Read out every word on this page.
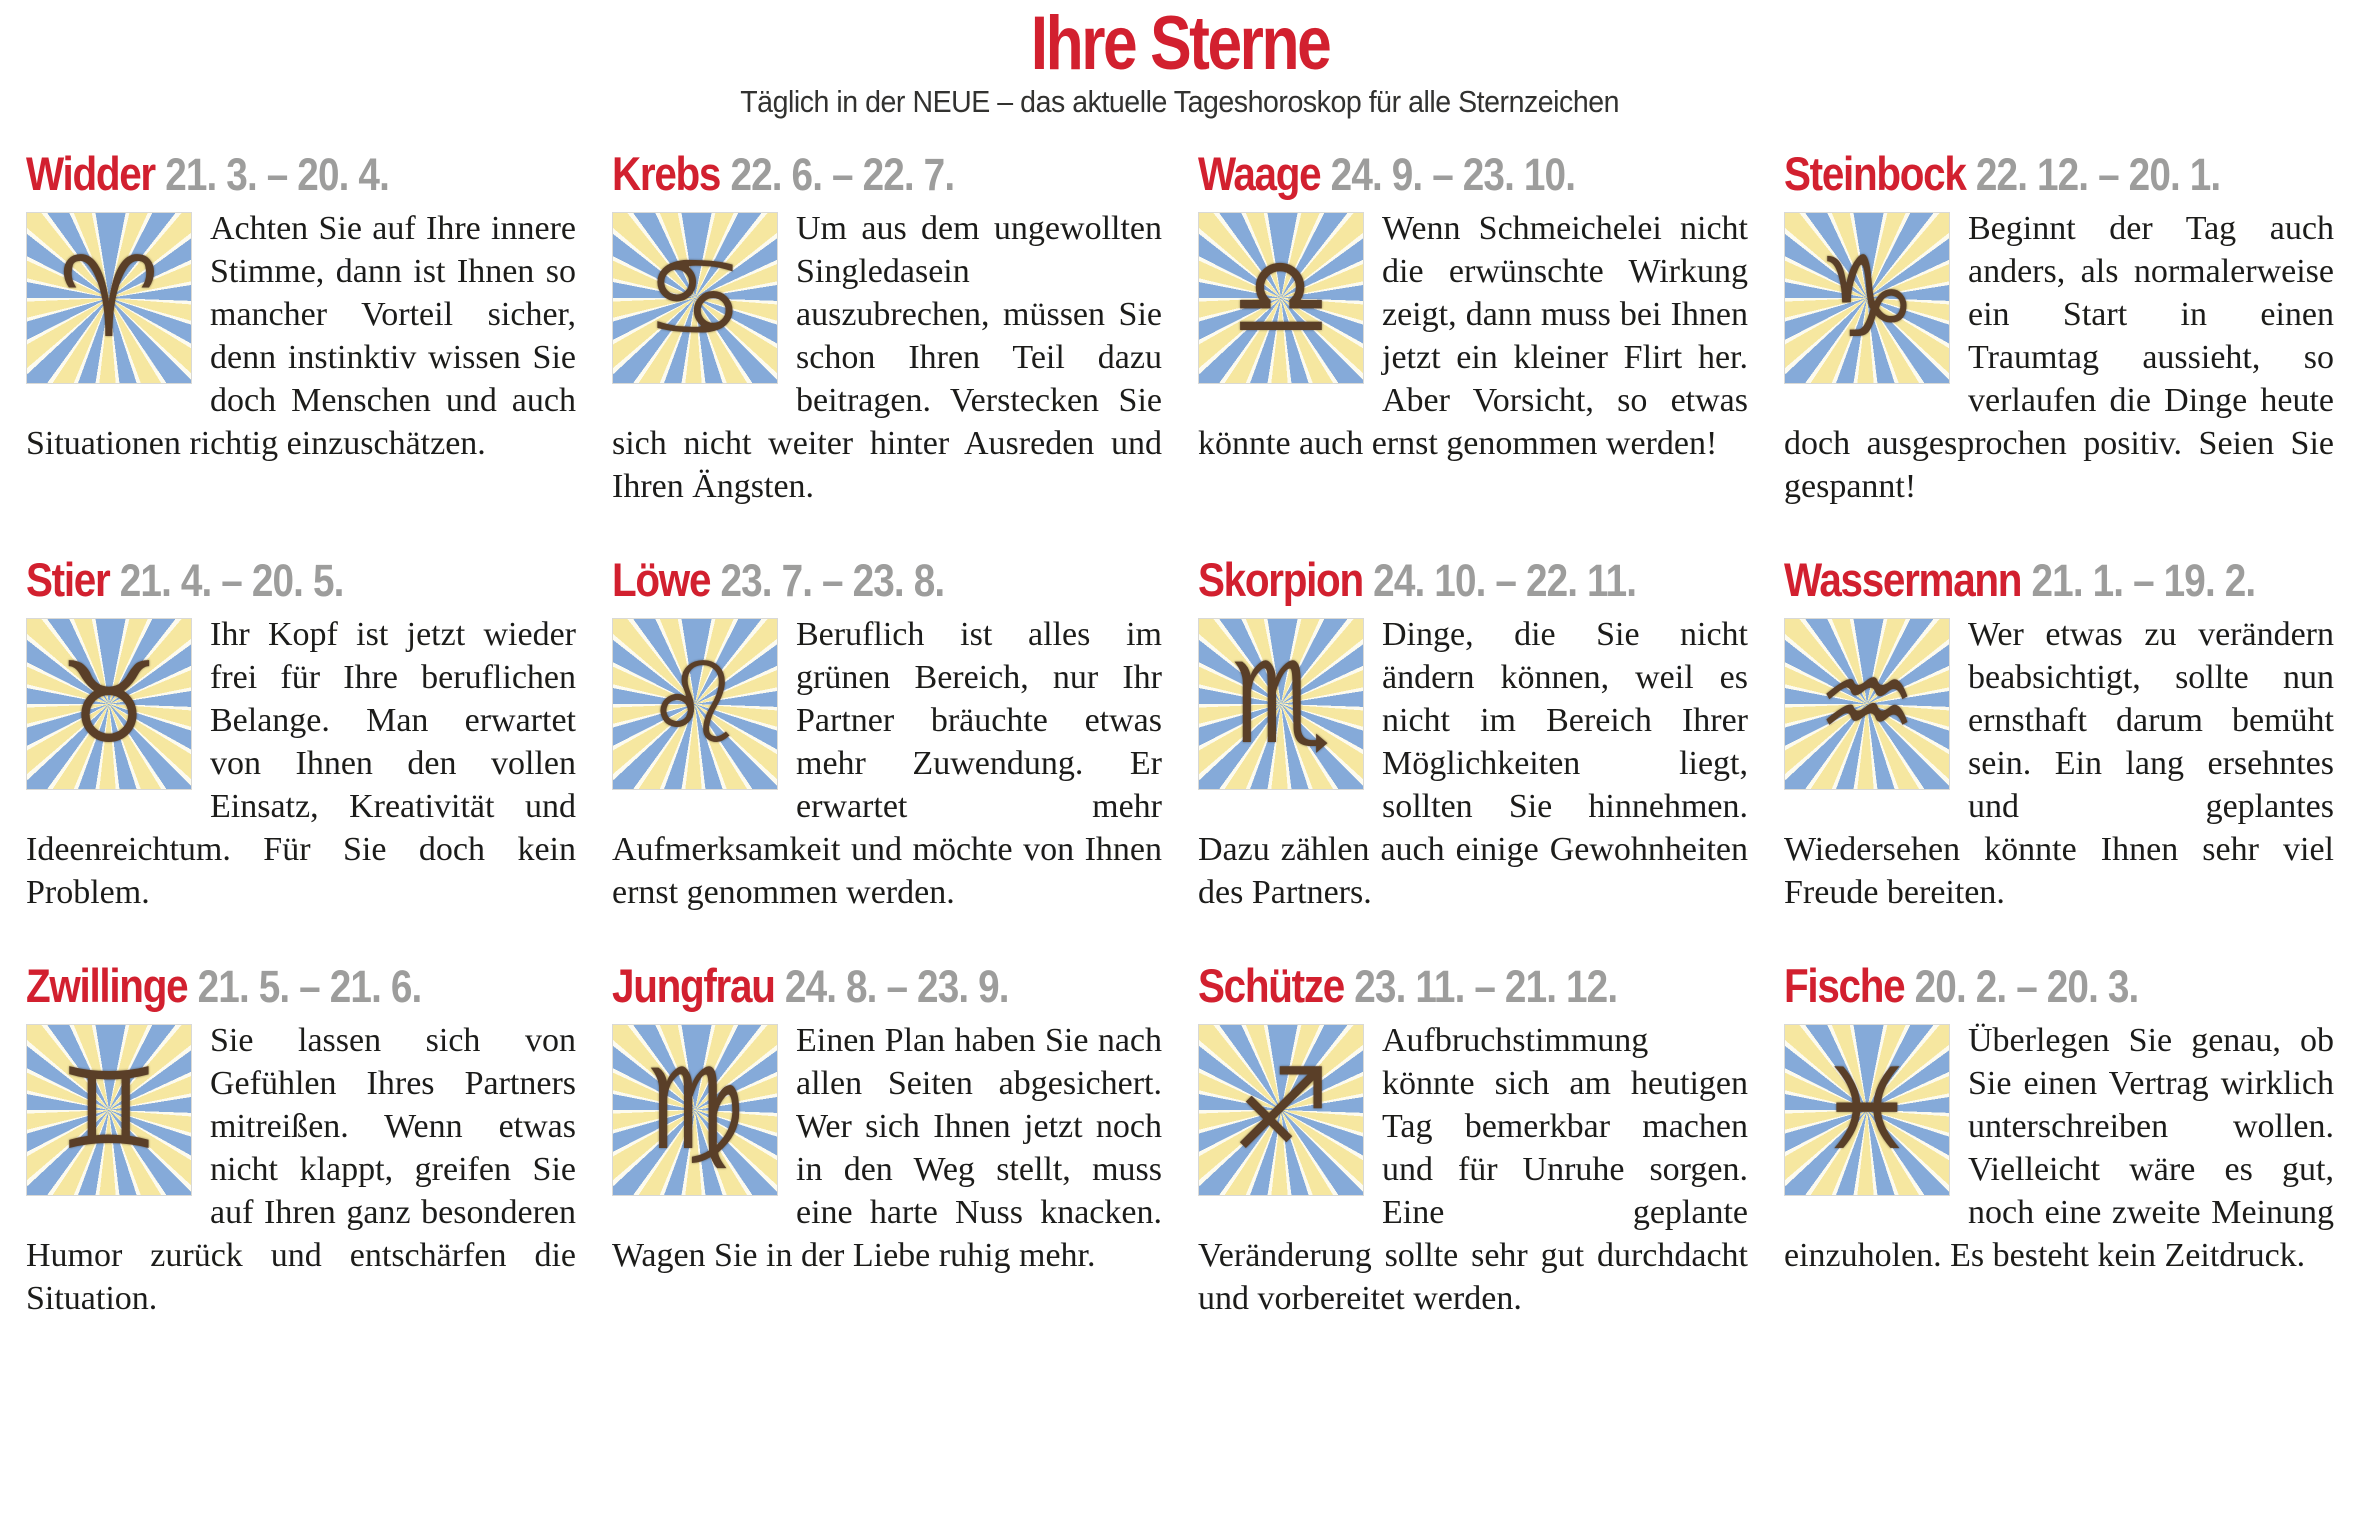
Ihre Sterne

Täglich in der NEUE – das aktuelle Tageshoroskop für alle Sternzeichen

Widder 21. 3. – 20. 4.
♈
Achten Sie auf Ihre innere Stimme, dann ist Ihnen so mancher Vorteil sicher, denn instinktiv wissen Sie doch Menschen und auch Situationen richtig einzuschätzen.
Stier 21. 4. – 20. 5.
♉
Ihr Kopf ist jetzt wieder frei für Ihre beruflichen Belange. Man erwartet von Ihnen den vollen Einsatz, Kreativität und Ideenreichtum. Für Sie doch kein Problem.
Zwillinge 21. 5. – 21. 6.
♊
Sie lassen sich von Gefühlen Ihres Partners mitreißen. Wenn etwas nicht klappt, greifen Sie auf Ihren ganz besonderen Humor zurück und entschärfen die Situation.
Krebs 22. 6. – 22. 7.
♋
Um aus dem ungewollten Singledasein auszubrechen, müssen Sie schon Ihren Teil dazu beitragen. Verstecken Sie sich nicht weiter hinter Ausreden und Ihren Ängsten.
Löwe 23. 7. – 23. 8.
♌
Beruflich ist alles im grünen Bereich, nur Ihr Partner bräuchte etwas mehr Zuwendung. Er erwartet mehr Aufmerksamkeit und möchte von Ihnen ernst genommen werden.
Jungfrau 24. 8. – 23. 9.
♍
Einen Plan haben Sie nach allen Seiten abgesichert. Wer sich Ihnen jetzt noch in den Weg stellt, muss eine harte Nuss knacken. Wagen Sie in der Liebe ruhig mehr.
Waage 24. 9. – 23. 10.
♎
Wenn Schmeichelei nicht die erwünschte Wirkung zeigt, dann muss bei Ihnen jetzt ein kleiner Flirt her. Aber Vorsicht, so etwas könnte auch ernst genommen werden!
Skorpion 24. 10. – 22. 11.
♏
Dinge, die Sie nicht ändern können, weil es nicht im Bereich Ihrer Möglichkeiten liegt, sollten Sie hinnehmen. Dazu zählen auch einige Gewohnheiten des Partners.
Schütze 23. 11. – 21. 12.
♐
Aufbruchstimmung könnte sich am heutigen Tag bemerkbar machen und für Unruhe sorgen. Eine geplante Veränderung sollte sehr gut durchdacht und vorbereitet werden.
Steinbock 22. 12. – 20. 1.
♑
Beginnt der Tag auch anders, als normalerweise ein Start in einen Traumtag aussieht, so verlaufen die Dinge heute doch ausgesprochen positiv. Seien Sie gespannt!
Wassermann 21. 1. – 19. 2.
♒
Wer etwas zu verändern beabsichtigt, sollte nun ernsthaft darum bemüht sein. Ein lang ersehntes und geplantes Wiedersehen könnte Ihnen sehr viel Freude bereiten.
Fische 20. 2. – 20. 3.
♓
Überlegen Sie genau, ob Sie einen Vertrag wirklich unterschreiben wollen. Vielleicht wäre es gut, noch eine zweite Meinung einzuholen. Es besteht kein Zeitdruck.
